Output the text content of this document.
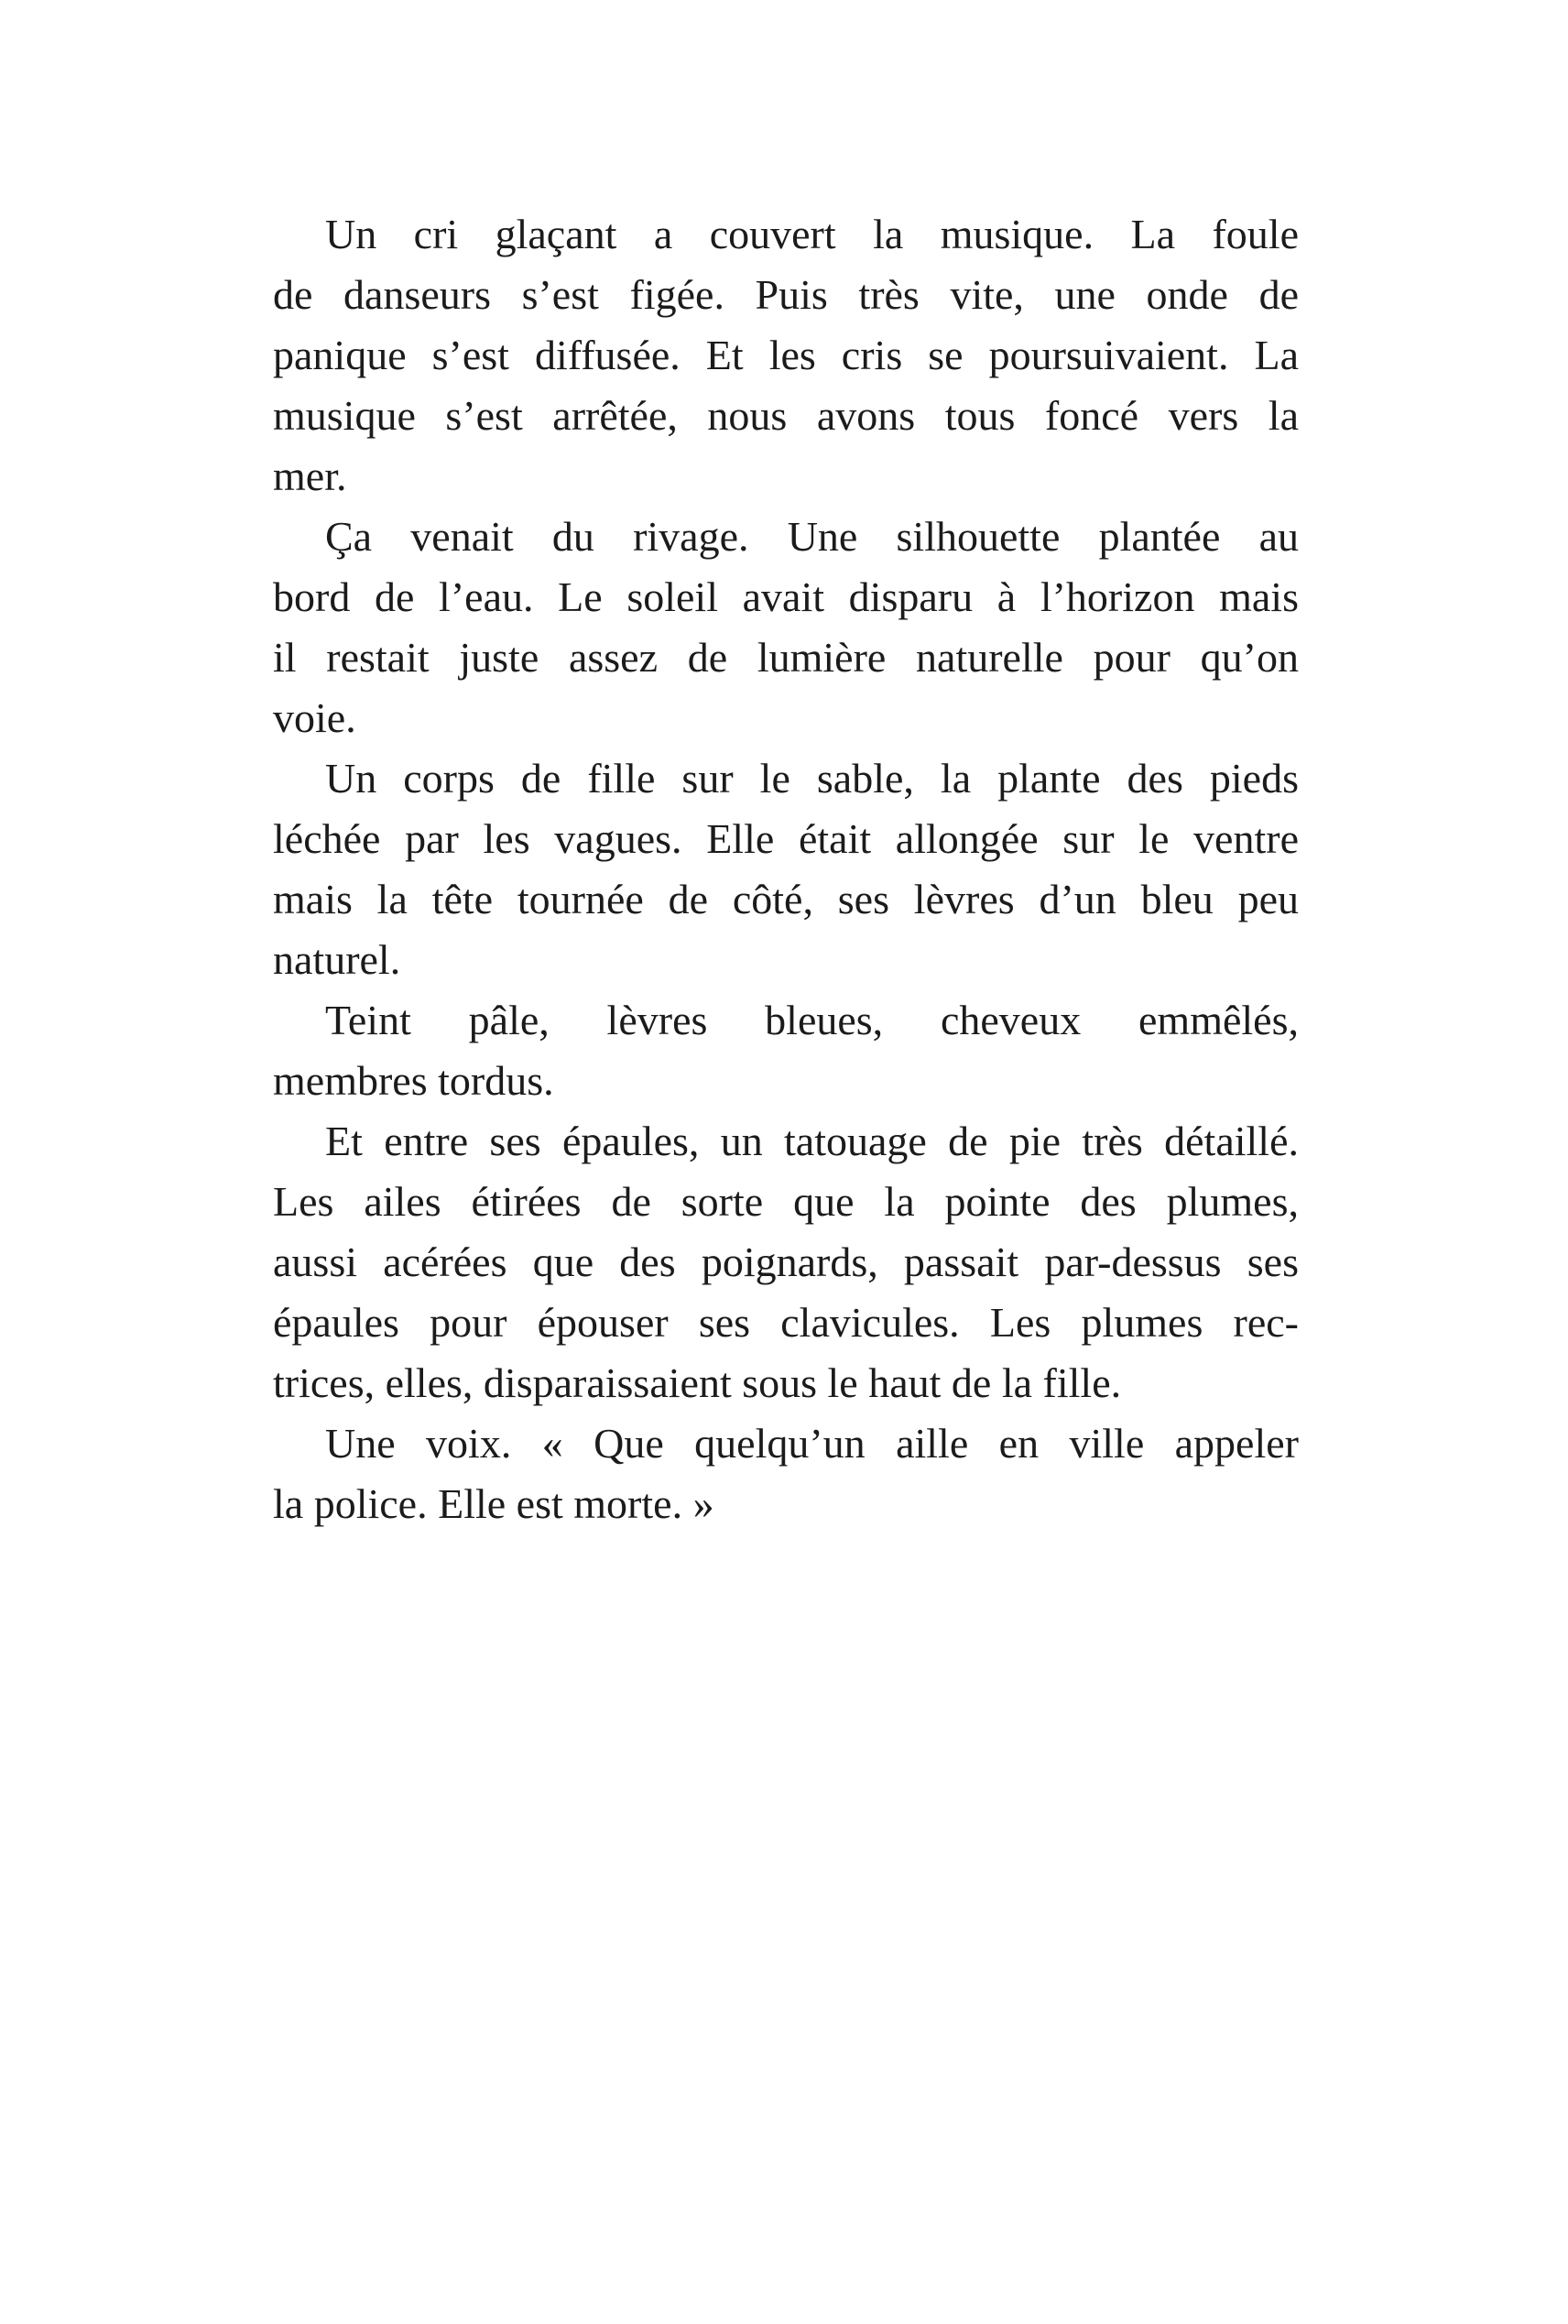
Un cri glaçant a couvert la musique. La foule
de danseurs s’est figée. Puis très vite, une onde de
panique s’est diffusée. Et les cris se poursuivaient. La
musique s’est arrêtée, nous avons tous foncé vers la
mer.
Ça venait du rivage. Une silhouette plantée au
bord de l’eau. Le soleil avait disparu à l’horizon mais
il restait juste assez de lumière naturelle pour qu’on
voie.
Un corps de fille sur le sable, la plante des pieds
léchée par les vagues. Elle était allongée sur le ventre
mais la tête tournée de côté, ses lèvres d’un bleu peu
naturel.
Teint pâle, lèvres bleues, cheveux emmêlés,
membres tordus.
Et entre ses épaules, un tatouage de pie très détaillé.
Les ailes étirées de sorte que la pointe des plumes,
aussi acérées que des poignards, passait par-dessus ses
épaules pour épouser ses clavicules. Les plumes rec-
trices, elles, disparaissaient sous le haut de la fille.
Une voix. « Que quelqu’un aille en ville appeler
la police. Elle est morte. »
